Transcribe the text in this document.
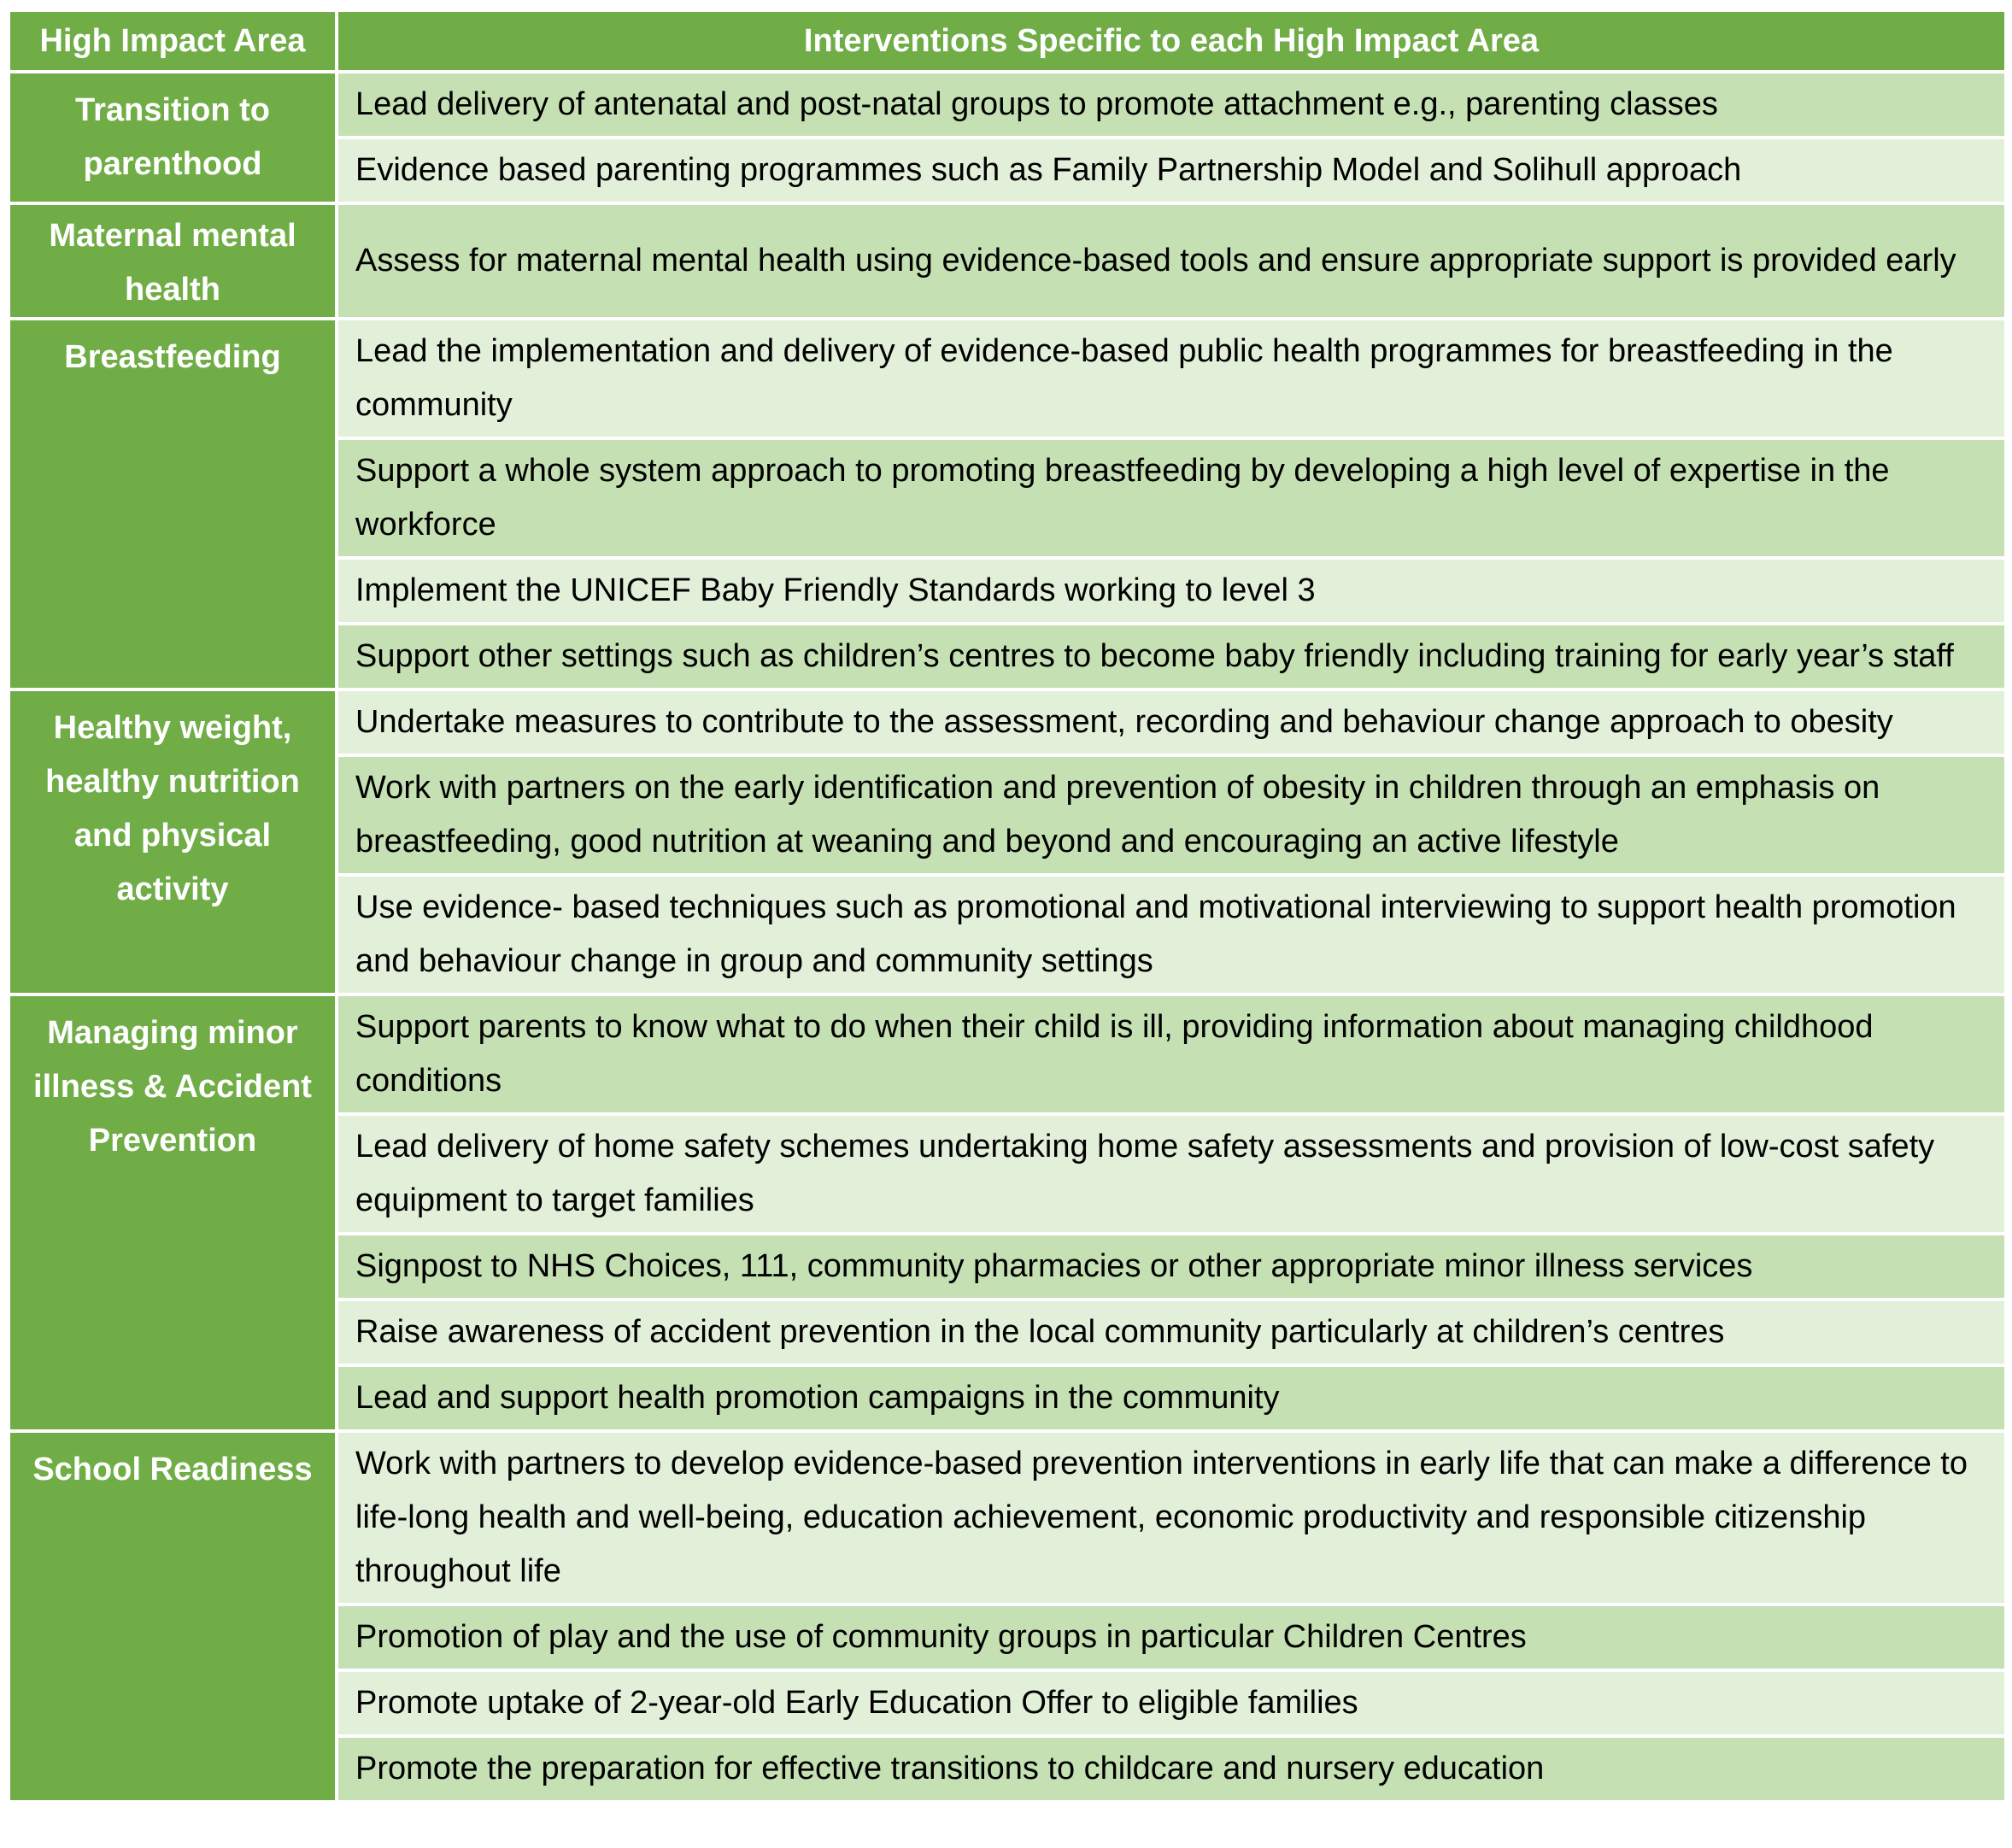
High Impact Area	Interventions Specific to each High Impact Area
Transition to parenthood	Lead delivery of antenatal and post-natal groups to promote attachment e.g., parenting classes
	Evidence based parenting programmes such as Family Partnership Model and Solihull approach
Maternal mental health	Assess for maternal mental health using evidence-based tools and ensure appropriate support is provided early
Breastfeeding	Lead the implementation and delivery of evidence-based public health programmes for breastfeeding in the community
	Support a whole system approach to promoting breastfeeding by developing a high level of expertise in the workforce
	Implement the UNICEF Baby Friendly Standards working to level 3
	Support other settings such as children’s centres to become baby friendly including training for early year’s staff
Healthy weight, healthy nutrition and physical activity	Undertake measures to contribute to the assessment, recording and behaviour change approach to obesity
	Work with partners on the early identification and prevention of obesity in children through an emphasis on breastfeeding, good nutrition at weaning and beyond and encouraging an active lifestyle
	Use evidence- based techniques such as promotional and motivational interviewing to support health promotion and behaviour change in group and community settings
Managing minor illness & Accident Prevention	Support parents to know what to do when their child is ill, providing information about managing childhood conditions
	Lead delivery of home safety schemes undertaking home safety assessments and provision of low-cost safety equipment to target families
	Signpost to NHS Choices, 111, community pharmacies or other appropriate minor illness services
	Raise awareness of accident prevention in the local community particularly at children’s centres
	Lead and support health promotion campaigns in the community
School Readiness	Work with partners to develop evidence-based prevention interventions in early life that can make a difference to life-long health and well-being, education achievement, economic productivity and responsible citizenship throughout life
	Promotion of play and the use of community groups in particular Children Centres
	Promote uptake of 2-year-old Early Education Offer to eligible families
	Promote the preparation for effective transitions to childcare and nursery education
